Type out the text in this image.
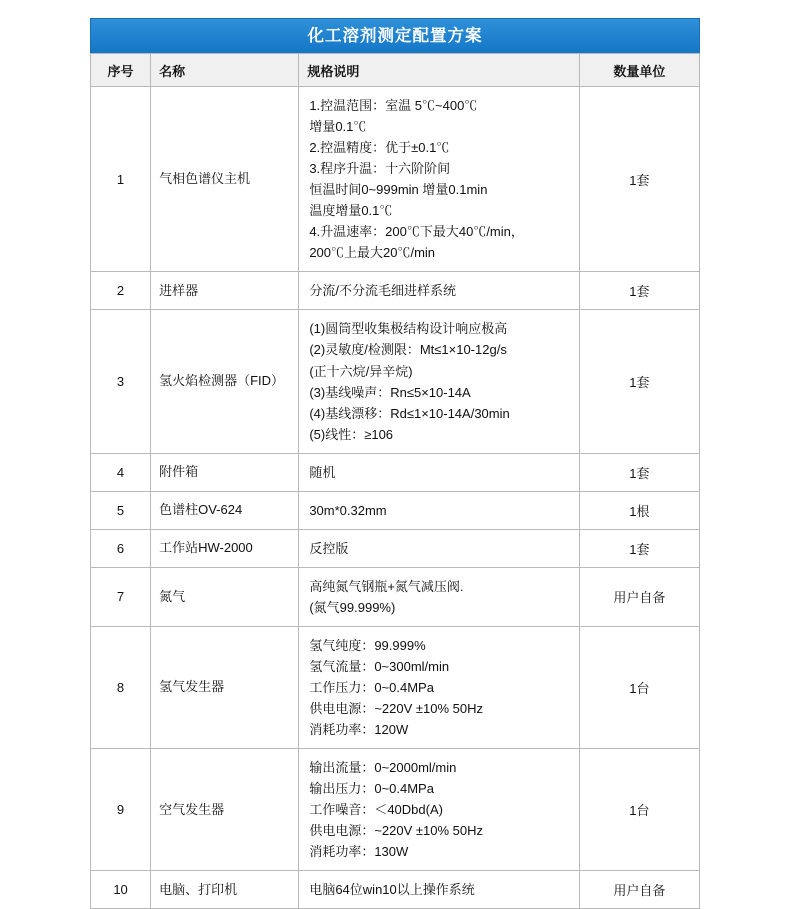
化工溶剂测定配置方案
序号	名称	规格说明	数量单位
1	气相色谱仪主机	
1.控温范围：室温 5℃~400℃
增量0.1℃
2.控温精度：优于±0.1℃
3.程序升温：十六阶阶间
恒温时间0~999min 增量0.1min
温度增量0.1℃
4.升温速率：200℃下最大40℃/min，
200℃上最大20℃/min
	1套
2	进样器	分流/不分流毛细进样系统	1套
3	氢火焰检测器（FID）	
(1)圆筒型收集极结构设计响应极高
(2)灵敏度/检测限：Mt≤1×10-12g/s
(正十六烷/异辛烷)
(3)基线噪声：Rn≤5×10-14A
(4)基线漂移：Rd≤1×10-14A/30min
(5)线性：≥106
	1套
4	附件箱	随机	1套
5	色谱柱OV-624	30m*0.32mm	1根
6	工作站HW-2000	反控版	1套
7	氮气	高纯氮气钢瓶+氮气减压阀.
(氮气99.999%)	用户自备
8	氢气发生器	氢气纯度：99.999%
氢气流量：0~300ml/min
工作压力：0~0.4MPa
供电电源：~220V ±10% 50Hz
消耗功率：120W	1台
9	空气发生器	输出流量：0~2000ml/min
输出压力：0~0.4MPa
工作噪音：＜40Dbd(A)
供电电源：~220V ±10% 50Hz
消耗功率：130W	1台
10	电脑、打印机	电脑64位win10以上操作系统	用户自备
